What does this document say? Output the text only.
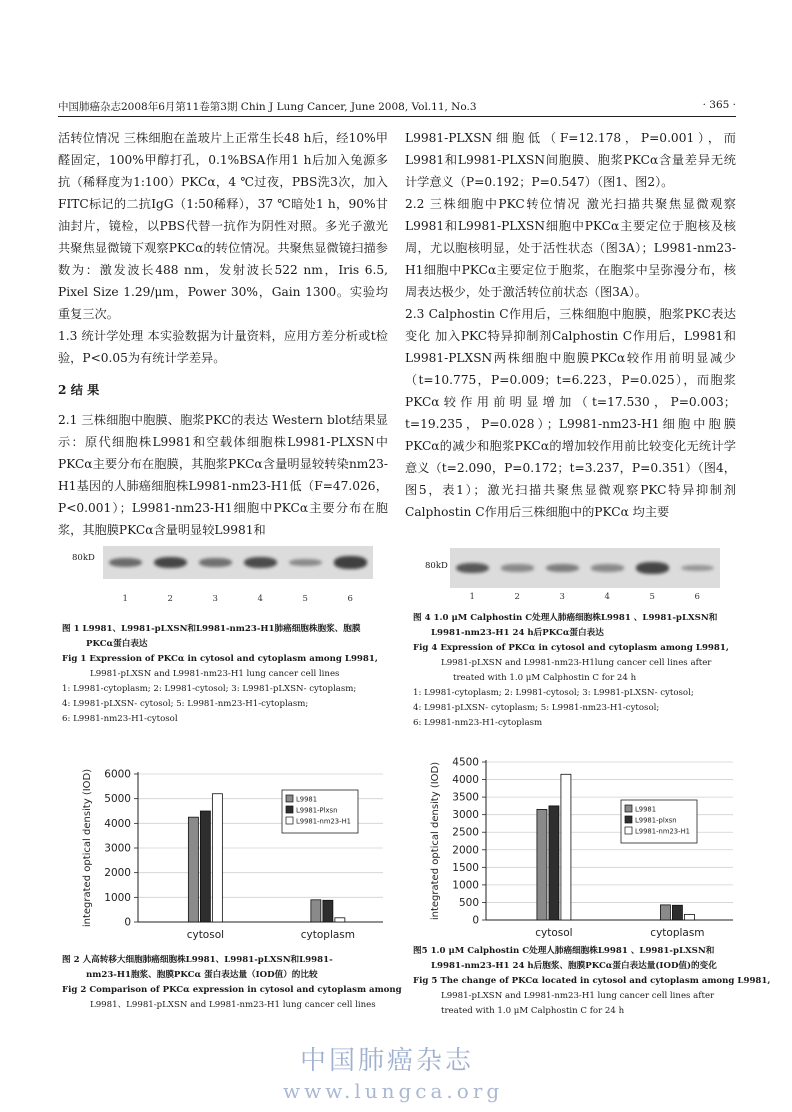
中国肺癌杂志2008年6月第11卷第3期 Chin J Lung Cancer, June 2008, Vol.11, No.3	· 365 ·

活转位情况 三株细胞在盖玻片上正常生长48 h后，经10%甲醛固定，100%甲醇打孔，0.1%BSA作用1 h后加入兔源多抗（稀释度为1:100）PKCα，4 ℃过夜，PBS洗3次，加入FITC标记的二抗IgG（1:50稀释），37 ℃暗处1 h，90%甘油封片，镜检，以PBS代替一抗作为阴性对照。多光子激光共聚焦显微镜下观察PKCα的转位情况。共聚焦显微镜扫描参数为：激发波长488 nm，发射波长522 nm，Iris 6.5, Pixel Size 1.29/μm，Power 30%，Gain 1300。实验均重复三次。

1.3 统计学处理 本实验数据为计量资料，应用方差分析或t检验，P<0.05为有统计学差异。

2 结 果

2.1 三株细胞中胞膜、胞浆PKC的表达 Western blot结果显示：原代细胞株L9981和空载体细胞株L9981-PLXSN中PKCα主要分布在胞膜，其胞浆PKCα含量明显较转染nm23-H1基因的人肺癌细胞株L9981-nm23-H1低（F=47.026，P<0.001）；L9981-nm23-H1细胞中PKCα主要分布在胞浆，其胞膜PKCα含量明显较L9981和

L9981-PLXSN细胞低（F=12.178，P=0.001），而L9981和L9981-PLXSN间胞膜、胞浆PKCα含量差异无统计学意义（P=0.192；P=0.547）（图1、图2）。

2.2 三株细胞中PKC转位情况 激光扫描共聚焦显微观察L9981和L9981-PLXSN细胞中PKCα主要定位于胞核及核周，尤以胞核明显，处于活性状态（图3A）；L9981-nm23-H1细胞中PKCα主要定位于胞浆，在胞浆中呈弥漫分布，核周表达极少，处于激活转位前状态（图3A）。

2.3 Calphostin C作用后，三株细胞中胞膜，胞浆PKC表达变化 加入PKC特异抑制剂Calphostin C作用后，L9981和L9981-PLXSN两株细胞中胞膜PKCα较作用前明显减少（t=10.775，P=0.009；t=6.223，P=0.025），而胞浆PKCα较作用前明显增加（t=17.530，P=0.003；t=19.235，P=0.028）；L9981-nm23-H1细胞中胞膜PKCα的减少和胞浆PKCα的增加较作用前比较变化无统计学意义（t=2.090，P=0.172；t=3.237，P=0.351）（图4，图5，表1）；激光扫描共聚焦显微观察PKC特异抑制剂Calphostin C作用后三株细胞中的PKCα 均主要

80kD
1	2	3	4	5	6
80kD
1	2	3	4	5	6
图 1 L9981、L9981-pLXSN和L9981-nm23-H1肺癌细胞株胞浆、胞膜
PKCα蛋白表达
Fig 1 Expression of PKCα in cytosol and cytoplasm among L9981,
L9981-pLXSN and L9981-nm23-H1 lung cancer cell lines
1: L9981-cytoplasm; 2: L9981-cytosol; 3: L9981-pLXSN- cytoplasm;
4: L9981-pLXSN- cytosol; 5: L9981-nm23-H1-cytoplasm;
6: L9981-nm23-H1-cytosol
图 4 1.0 μM Calphostin C处理人肺癌细胞株L9981 、L9981-pLXSN和
L9981-nm23-H1 24 h后PKCα蛋白表达
Fig 4 Expression of PKCα in cytosol and cytoplasm among L9981,
L9981-pLXSN and L9981-nm23-H1lung cancer cell lines after
treated with 1.0 μM Calphostin C for 24 h
1: L9981-cytoplasm; 2: L9981-cytosol; 3: L9981-pLXSN- cytosol;
4: L9981-pLXSN- cytoplasm; 5: L9981-nm23-H1-cytosol;
6: L9981-nm23-H1-cytoplasm
0
1000
2000
3000
4000
5000
6000
integrated optical density (IOD)
cytosol	cytoplasm
L9981
L9981-Plxsn
L9981-nm23-H1
0
500
1000
1500
2000
2500
3000
3500
4000
4500
integrated optical density (IOD)
cytosol	cytoplasm
L9981
L9981-plxsn
L9981-nm23-H1
图 2 人高转移大细胞肺癌细胞株L9981、L9981-pLXSN和L9981-
nm23-H1胞浆、胞膜PKCα 蛋白表达量（IOD值）的比较
Fig 2 Comparison of PKCα expression in cytosol and cytoplasm among
L9981、L9981-pLXSN and L9981-nm23-H1 lung cancer cell lines
图5 1.0 μM Calphostin C处理人肺癌细胞株L9981 、L9981-pLXSN和
L9981-nm23-H1 24 h后胞浆、胞膜PKCα蛋白表达量(IOD值)的变化
Fig 5 The change of PKCα located in cytosol and cytoplasm among L9981,
L9981-pLXSN and L9981-nm23-H1 lung cancer cell lines after
treated with 1.0 μM Calphostin C for 24 h
中国肺癌杂志
www.lungca.org
